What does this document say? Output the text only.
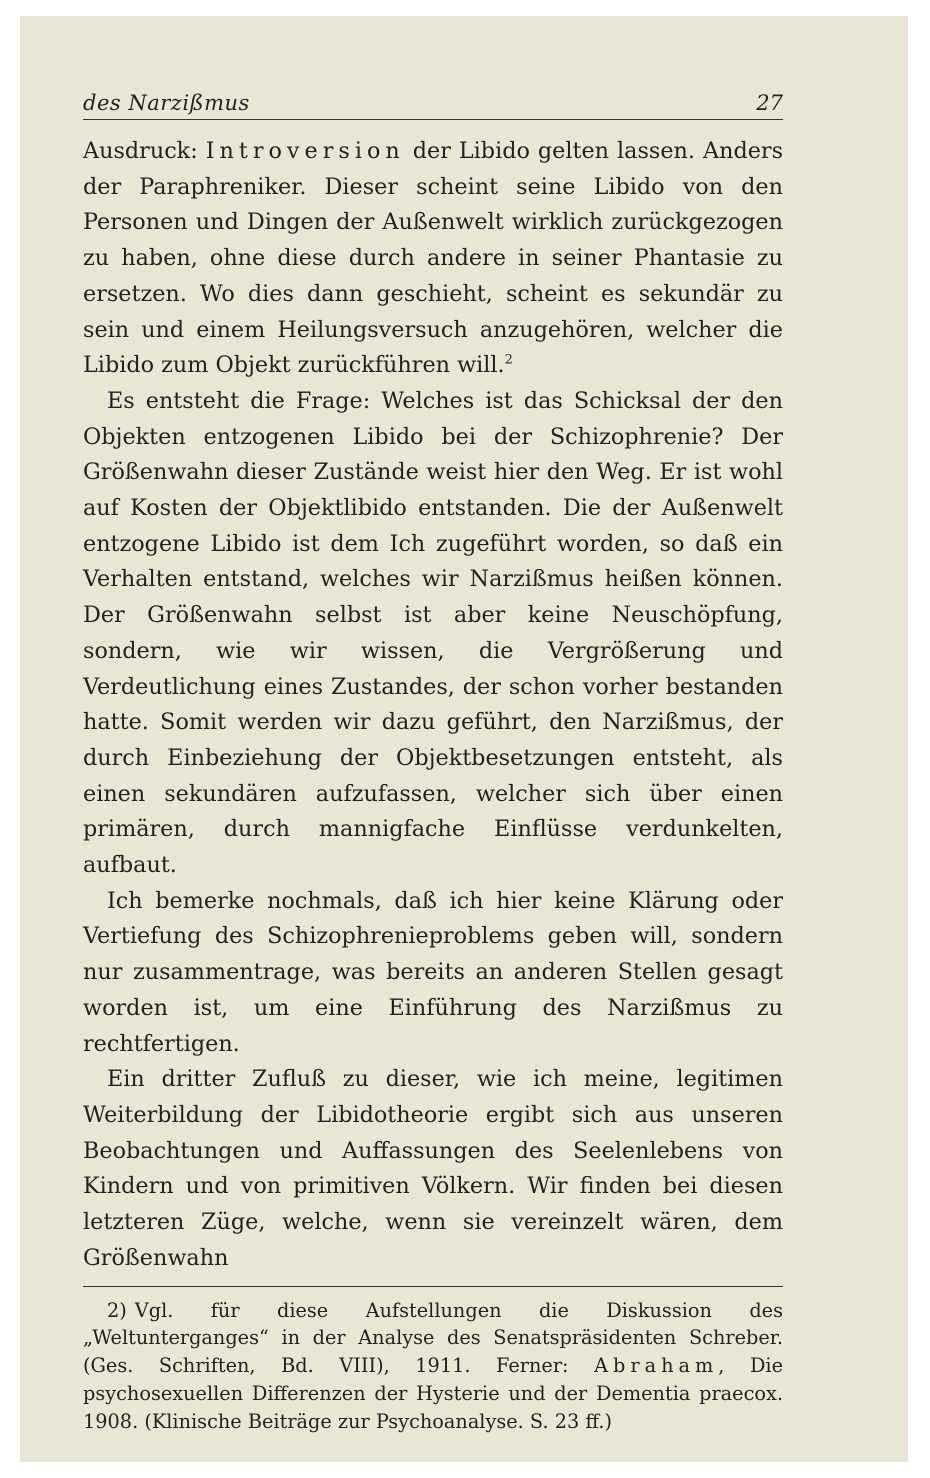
des Narzißmus	27

Ausdruck: Introversion der Libido gelten lassen. Anders der Paraphreniker. Dieser scheint seine Libido von den Personen und Dingen der Außenwelt wirklich zurückgezogen zu haben, ohne diese durch andere in seiner Phantasie zu ersetzen. Wo dies dann geschieht, scheint es sekundär zu sein und einem Heilungsversuch anzugehören, welcher die Libido zum Objekt zurückführen will.$^2$

Es entsteht die Frage: Welches ist das Schicksal der den Objekten entzogenen Libido bei der Schizophrenie? Der Größenwahn dieser Zustände weist hier den Weg. Er ist wohl auf Kosten der Objektlibido entstanden. Die der Außenwelt entzogene Libido ist dem Ich zugeführt worden, so daß ein Verhalten entstand, welches wir Narzißmus heißen können. Der Größenwahn selbst ist aber keine Neuschöpfung, sondern, wie wir wissen, die Vergrößerung und Verdeutlichung eines Zustandes, der schon vorher bestanden hatte. Somit werden wir dazu geführt, den Narzißmus, der durch Einbeziehung der Objektbesetzungen entsteht, als einen sekundären aufzufassen, welcher sich über einen primären, durch mannigfache Einflüsse verdunkelten, aufbaut.

Ich bemerke nochmals, daß ich hier keine Klärung oder Vertiefung des Schizophrenieproblems geben will, sondern nur zusammentrage, was bereits an anderen Stellen gesagt worden ist, um eine Einführung des Narzißmus zu rechtfertigen.

Ein dritter Zufluß zu dieser, wie ich meine, legitimen Weiterbildung der Libidotheorie ergibt sich aus unseren Beobachtungen und Auffassungen des Seelenlebens von Kindern und von primitiven Völkern. Wir finden bei diesen letzteren Züge, welche, wenn sie vereinzelt wären, dem Größenwahn

2) Vgl. für diese Aufstellungen die Diskussion des „Weltunterganges“ in der Analyse des Senatspräsidenten Schreber. (Ges. Schriften, Bd. VIII), 1911. Ferner: Abraham, Die psychosexuellen Differenzen der Hysterie und der Dementia praecox. 1908. (Klinische Beiträge zur Psychoanalyse. S. 23 ff.)
